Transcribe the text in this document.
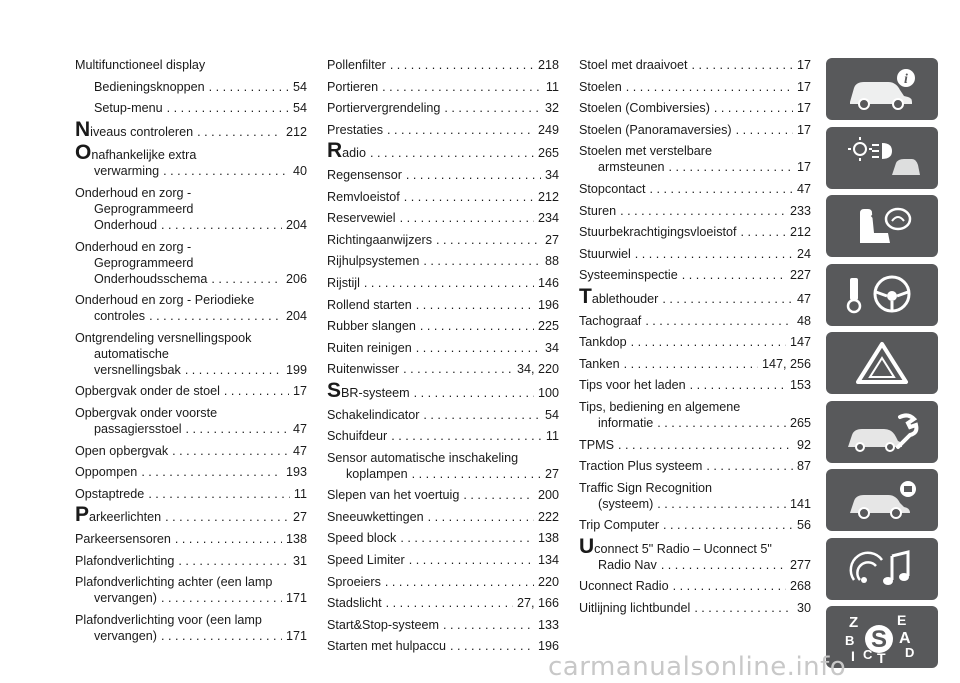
Multifunctioneel display
Bedieningsknoppen . . .	54
Setup-menu . . .	54
N iveaus controleren . . .	212
O nafhankelijke extra
verwarming . . .	40
Onderhoud en zorg -
Geprogrammeerd
Onderhoud . . .	204
Onderhoud en zorg -
Geprogrammeerd
Onderhoudsschema . . .	206
Onderhoud en zorg - Periodieke
controles . . .	204
Ontgrendeling versnellingspook
automatische
versnellingsbak . . .	199
Opbergvak onder de stoel . . .	17
Opbergvak onder voorste
passagiersstoel . . .	47
Open opbergvak . . .	47
Oppompen . . .	193
Opstaptrede . . .	11
P arkeerlichten . . .	27
Parkeersensoren . . .	138
Plafondverlichting . . .	31
Plafondverlichting achter (een lamp
vervangen) . . .	171
Plafondverlichting voor (een lamp
vervangen) . . .	171
Pollenfilter . . .	218
Portieren . . .	11
Portiervergrendeling . . .	32
Prestaties . . .	249
R adio . . .	265
Regensensor . . .	34
Remvloeistof . . .	212
Reservewiel . . .	234
Richtingaanwijzers . . .	27
Rijhulpsystemen . . .	88
Rijstijl . . .	146
Rollend starten . . .	196
Rubber slangen . . .	225
Ruiten reinigen . . .	34
Ruitenwisser . . .	34, 220
S BR-systeem . . .	100
Schakelindicator . . .	54
Schuifdeur . . .	11
Sensor automatische inschakeling
koplampen . . .	27
Slepen van het voertuig . . .	200
Sneeuwkettingen . . .	222
Speed block . . .	138
Speed Limiter . . .	134
Sproeiers . . .	220
Stadslicht . . .	27, 166
Start&Stop-systeem . . .	133
Starten met hulpaccu . . .	196
Stoel met draaivoet . . .	17
Stoelen . . .	17
Stoelen (Combiversies) . . .	17
Stoelen (Panoramaversies) . . .	17
Stoelen met verstelbare
armsteunen . . .	17
Stopcontact . . .	47
Sturen . . .	233
Stuurbekrachtigingsvloeistof . . .	212
Stuurwiel . . .	24
Systeeminspectie . . .	227
T ablethouder . . .	47
Tachograaf . . .	48
Tankdop . . .	147
Tanken . . .	147, 256
Tips voor het laden . . .	153
Tips, bediening en algemene
informatie . . .	265
TPMS . . .	92
Traction Plus systeem . . .	87
Traffic Sign Recognition
(systeem) . . .	141
Trip Computer . . .	56
U connect 5" Radio – Uconnect 5"
Radio Nav . . .	277
Uconnect Radio . . .	268
Uitlijning lichtbundel . . .	30
i
Z	E
S A
B
C	D
I T
carmanualsonline.info
